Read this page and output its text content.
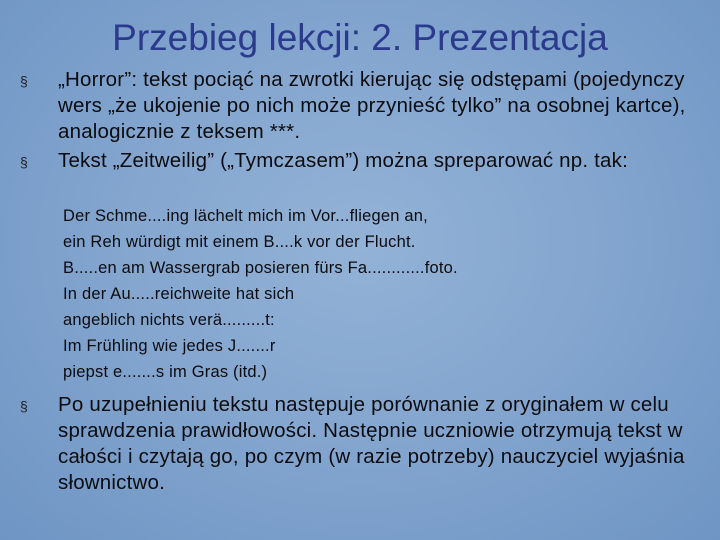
Przebieg lekcji: 2. Prezentacja
§ „Horror”: tekst pociąć na zwrotki kierując się odstępami (pojedynczy wers „że ukojenie po nich może przynieść tylko” na osobnej kartce), analogicznie z teksem ***.
§ Tekst „Zeitweilig” („Tymczasem”) można spreparować np. tak:
Der Schme....ing lächelt mich im Vor...fliegen an,
ein Reh würdigt mit einem B....k vor der Flucht.
B.....en am Wassergrab posieren fürs Fa............foto.
In der Au.....reichweite hat sich
angeblich nichts verä.........t:
Im Frühling wie jedes J.......r
piepst e.......s im Gras (itd.)
§ Po uzupełnieniu tekstu następuje porównanie z oryginałem w celu sprawdzenia prawidłowości. Następnie uczniowie otrzymują tekst w całości i czytają go, po czym (w razie potrzeby) nauczyciel wyjaśnia słownictwo.
